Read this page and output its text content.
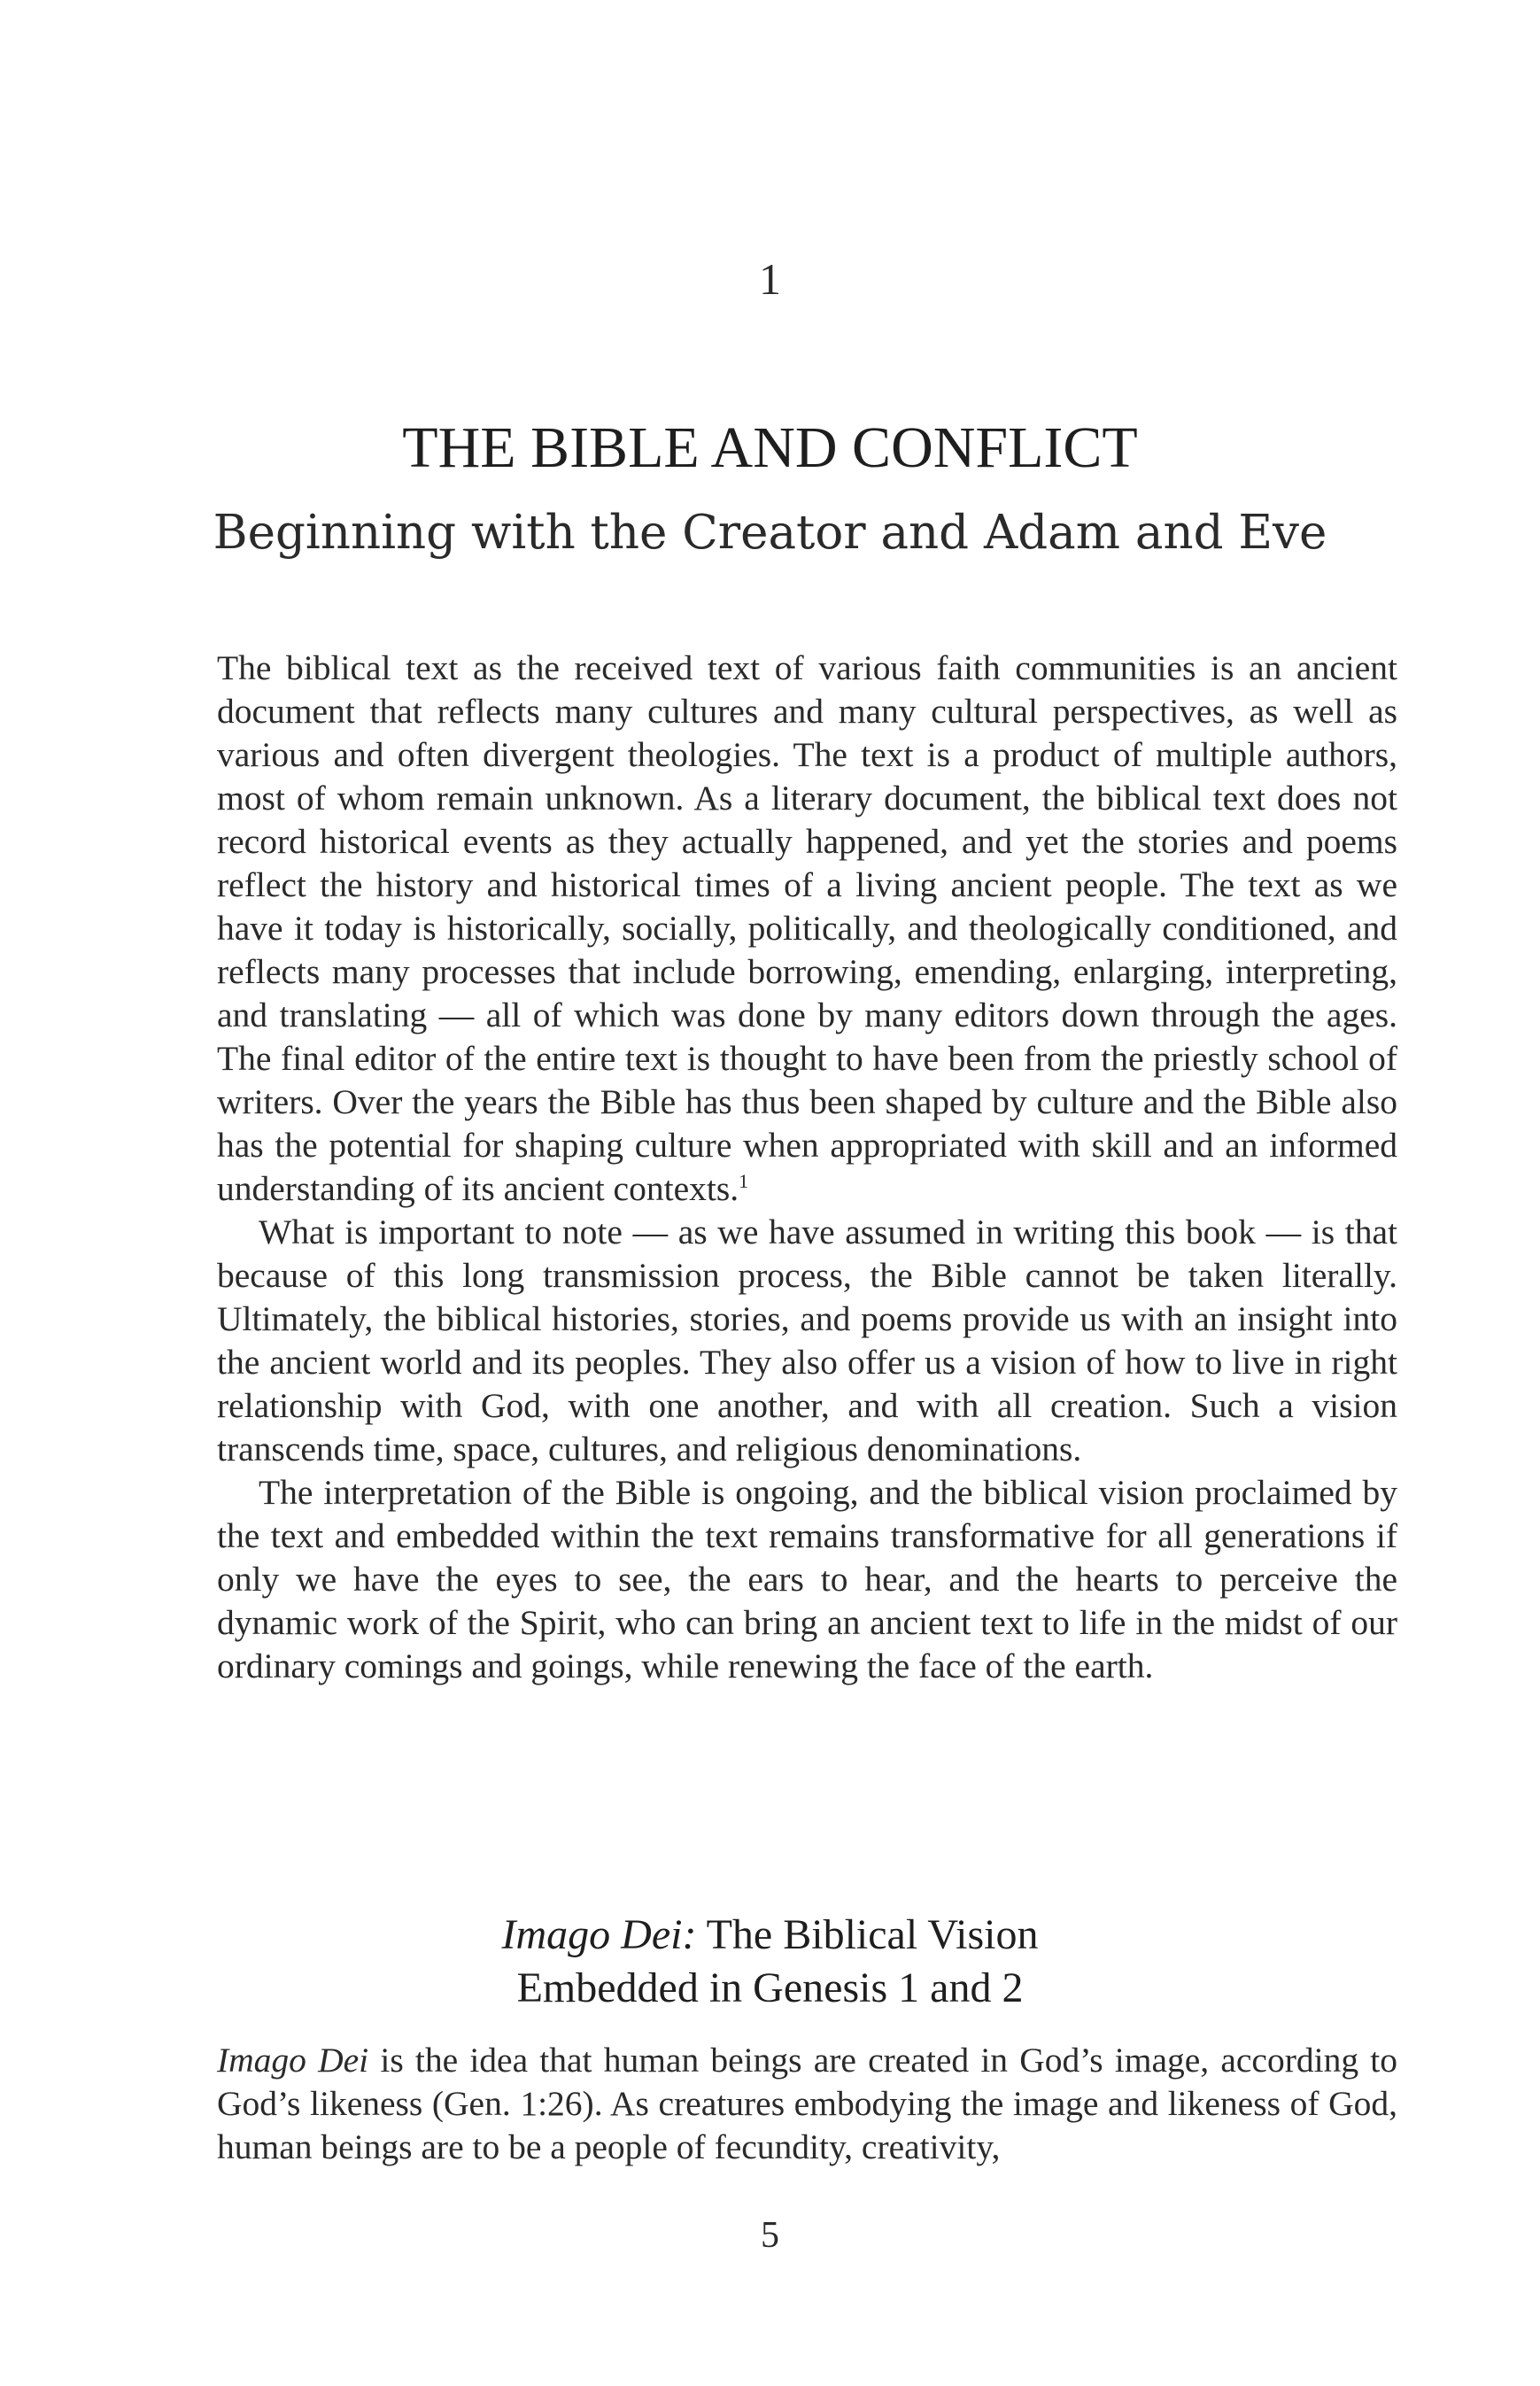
1
THE BIBLE AND CONFLICT
Beginning with the Creator and Adam and Eve

The biblical text as the received text of various faith communities is an ancient document that reflects many cultures and many cultural perspectives, as well as various and often divergent theologies. The text is a product of multiple authors, most of whom remain unknown. As a literary document, the biblical text does not record historical events as they actually happened, and yet the stories and poems reflect the history and historical times of a living ancient people. The text as we have it today is historically, socially, politically, and theologically conditioned, and reflects many processes that include borrowing, emending, enlarging, interpreting, and translating — all of which was done by many editors down through the ages. The final editor of the entire text is thought to have been from the priestly school of writers. Over the years the Bible has thus been shaped by culture and the Bible also has the potential for shaping culture when appropriated with skill and an informed understanding of its ancient contexts.$^1$

What is important to note — as we have assumed in writing this book — is that because of this long transmission process, the Bible cannot be taken literally. Ultimately, the biblical histories, stories, and poems provide us with an insight into the ancient world and its peoples. They also offer us a vision of how to live in right relationship with God, with one another, and with all creation. Such a vision transcends time, space, cultures, and religious denominations.

The interpretation of the Bible is ongoing, and the biblical vision proclaimed by the text and embedded within the text remains transformative for all generations if only we have the eyes to see, the ears to hear, and the hearts to perceive the dynamic work of the Spirit, who can bring an ancient text to life in the midst of our ordinary comings and goings, while renewing the face of the earth.

Imago Dei: The Biblical Vision
Embedded in Genesis 1 and 2

Imago Dei is the idea that human beings are created in God’s image, according to God’s likeness (Gen. 1:26). As creatures embodying the image and likeness of God, human beings are to be a people of fecundity, creativity,

5
